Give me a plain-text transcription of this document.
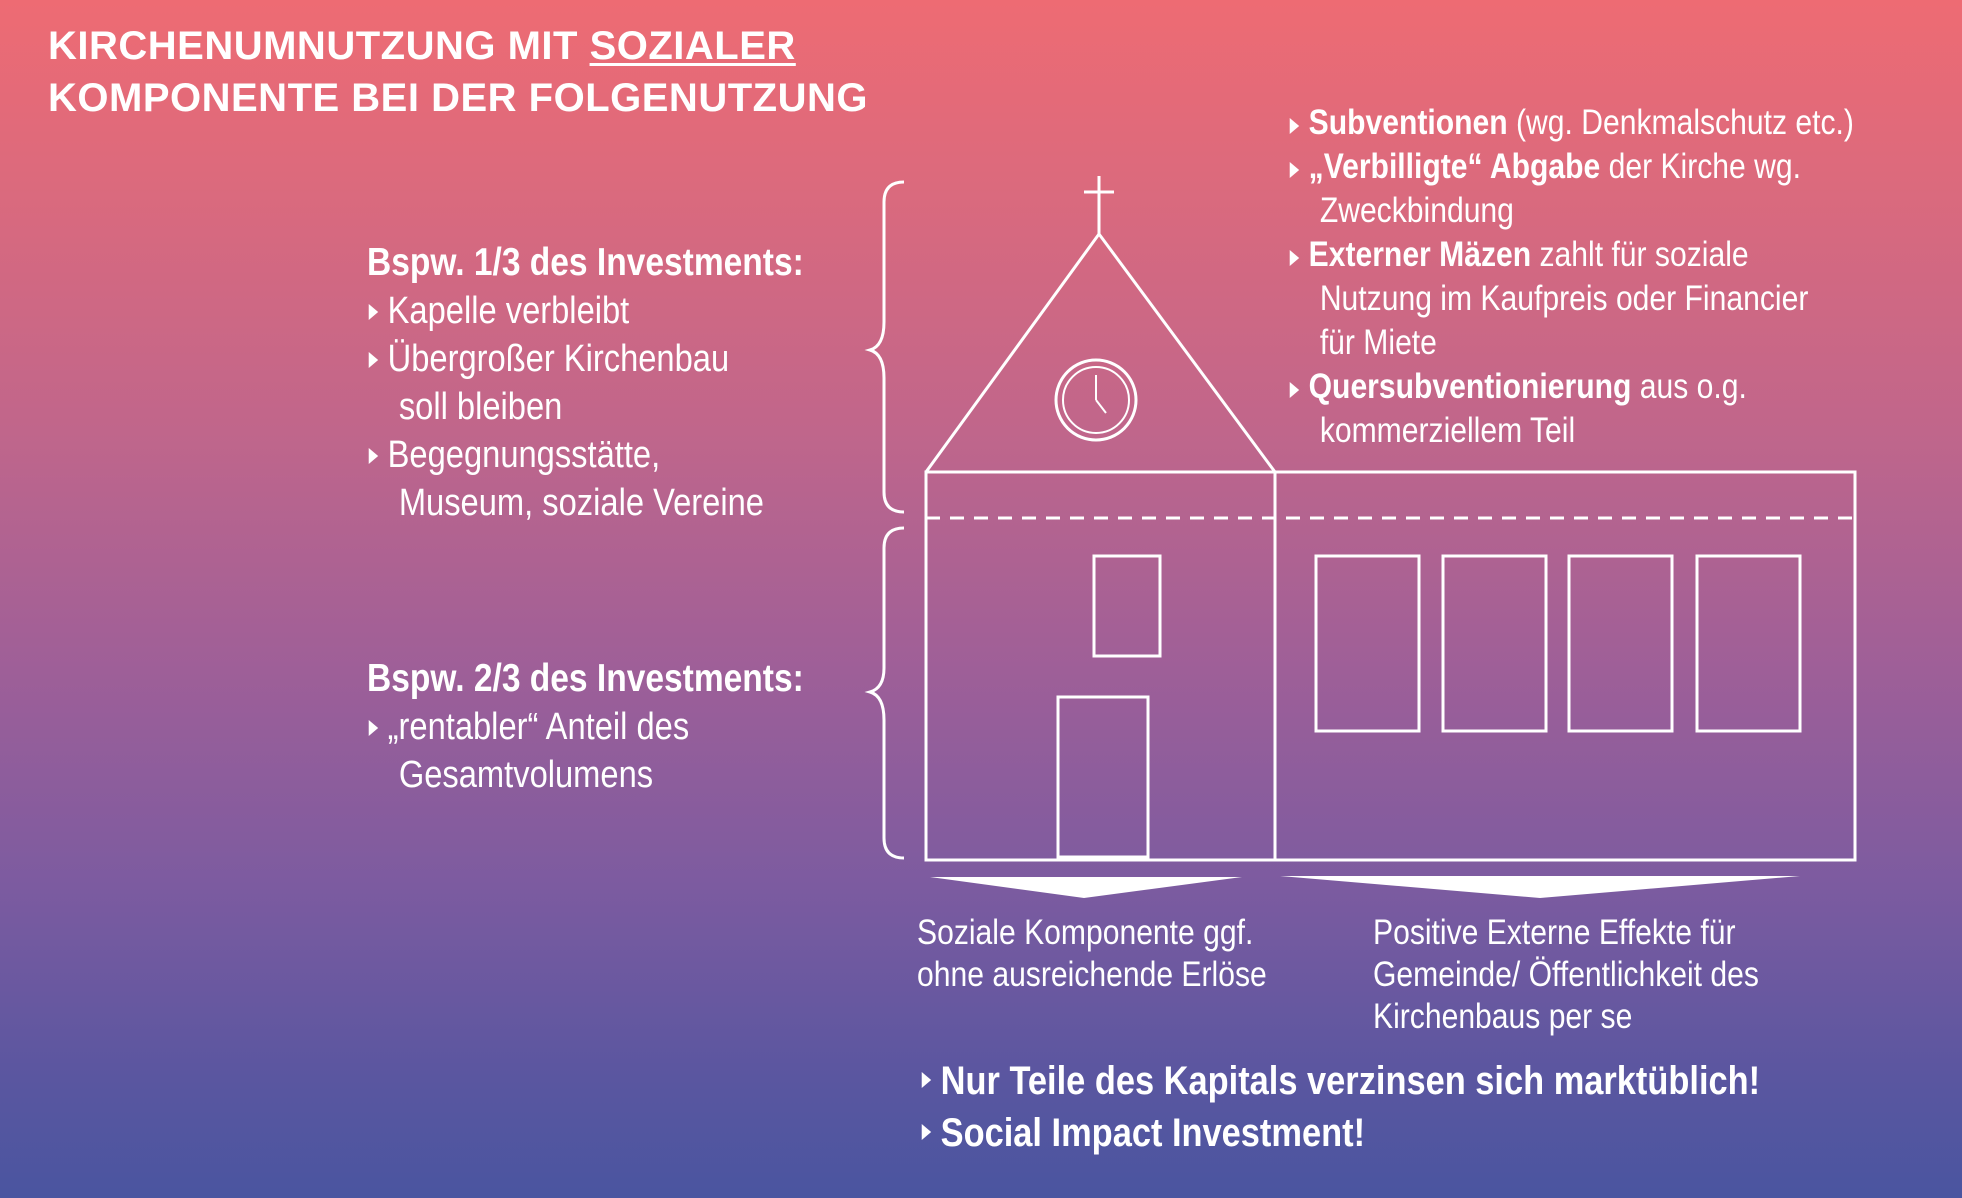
KIRCHENUMNUTZUNG MIT SOZIALER
KOMPONENTE BEI DER FOLGENUTZUNG
Bspw. 1/3 des Investments:
Kapelle verbleibt
Übergroßer Kirchenbau
soll bleiben
Begegnungsstätte,
Museum, soziale Vereine
Bspw. 2/3 des Investments:
„rentabler“ Anteil des
Gesamtvolumens
Subventionen (wg. Denkmalschutz etc.)
„Verbilligte“ Abgabe der Kirche wg.
Zweckbindung
Externer Mäzen zahlt für soziale
Nutzung im Kaufpreis oder Financier
für Miete
Quersubventionierung aus o.g.
kommerziellem Teil
Soziale Komponente ggf.
ohne ausreichende Erlöse
Positive Externe Effekte für
Gemeinde/ Öffentlichkeit des
Kirchenbaus per se
Nur Teile des Kapitals verzinsen sich marktüblich!
Social Impact Investment!
